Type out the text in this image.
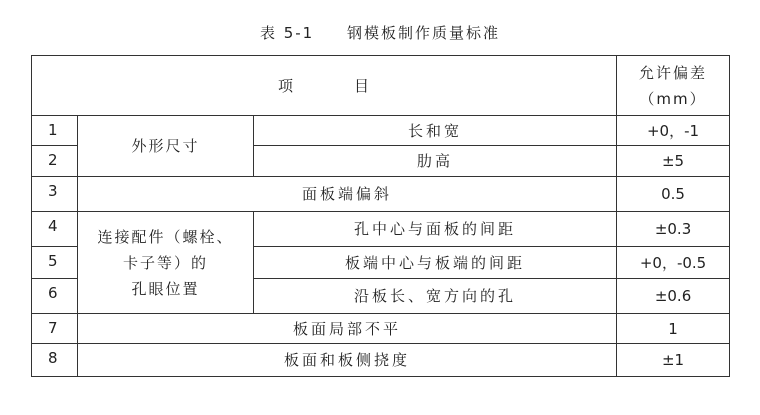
表 5-1 钢模板制作质量标准
项 目			允许偏差
（mm）

1	外形尺寸	长和宽	+0，-1
2		肋高	±5
3	面板端偏斜		0.5
4	连接配件（螺栓、
卡子等）的
孔眼位置	孔中心与面板的间距	±0.3
5		板端中心与板端的间距	+0，-0.5
6		沿板长、宽方向的孔	±0.6
7	板面局部不平		1
8	板面和板侧挠度		±1
